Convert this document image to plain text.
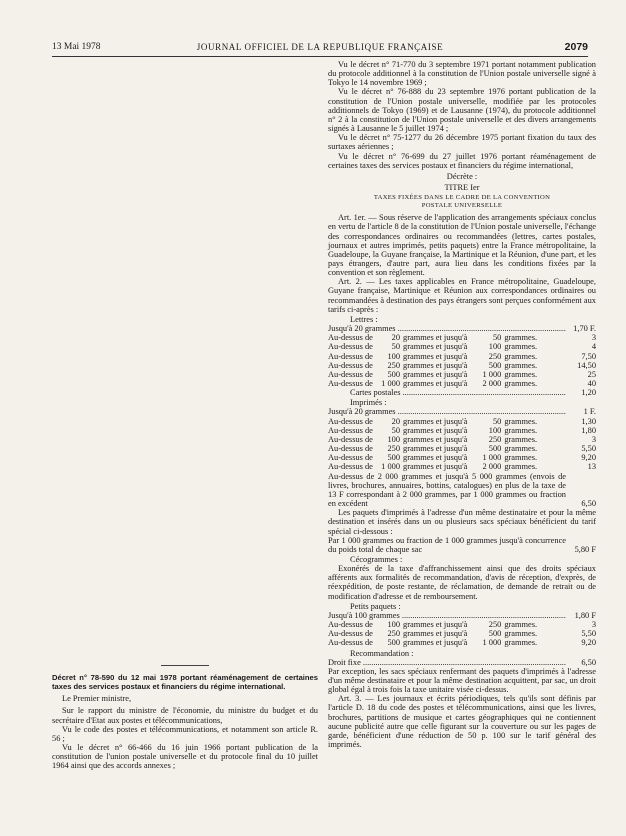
13 Mai 1978	JOURNAL OFFICIEL DE LA REPUBLIQUE FRANÇAISE	2079

Décret n° 78-590 du 12 mai 1978 portant réaménagement de certaines taxes des services postaux et financiers du régime international.

Le Premier ministre,

Sur le rapport du ministre de l'économie, du ministre du budget et du secrétaire d'Etat aux postes et télécommunications,

Vu le code des postes et télécommunications, et notamment son article R. 56 ;

Vu le décret n° 66-466 du 16 juin 1966 portant publication de la constitution de l'union postale universelle et du protocole final du 10 juillet 1964 ainsi que des accords annexes ;

Vu le décret n° 71-770 du 3 septembre 1971 portant notamment publication du protocole additionnel à la constitution de l'Union postale universelle signé à Tokyo le 14 novembre 1969 ;

Vu le décret n° 76-888 du 23 septembre 1976 portant publication de la constitution de l'Union postale universelle, modifiée par les protocoles additionnels de Tokyo (1969) et de Lausanne (1974), du protocole additionnel n° 2 à la constitution de l'Union postale universelle et des divers arrangements signés à Lausanne le 5 juillet 1974 ;

Vu le décret n° 75-1277 du 26 décembre 1975 portant fixation du taux des surtaxes aériennes ;

Vu le décret n° 76-699 du 27 juillet 1976 portant réaménagement de certaines taxes des services postaux et financiers du régime international,

Décrète :

TITRE Ier

TAXES FIXÉES DANS LE CADRE DE LA CONVENTION

POSTALE UNIVERSELLE

Art. 1er. — Sous réserve de l'application des arrangements spéciaux conclus en vertu de l'article 8 de la constitution de l'Union postale universelle, l'échange des correspondances ordinaires ou recommandées (lettres, cartes postales, journaux et autres imprimés, petits paquets) entre la France métropolitaine, la Guadeloupe, la Guyane française, la Martinique et la Réunion, d'une part, et les pays étrangers, d'autre part, aura lieu dans les conditions fixées par la convention et son règlement.

Art. 2. — Les taxes applicables en France métropolitaine, Guadeloupe, Guyane française, Martinique et Réunion aux correspondances ordinaires ou recommandées à destination des pays étrangers sont perçues conformément aux tarifs ci-après :

Lettres :

Jusqu'à 20 grammes .....	1,70 F.
Au-dessus de	20 grammes et jusqu'à	50 grammes.	3
Au-dessus de	50 grammes et jusqu'à	100 grammes.	4
Au-dessus de	100 grammes et jusqu'à	250 grammes.	7,50
Au-dessus de	250 grammes et jusqu'à	500 grammes.	14,50
Au-dessus de	500 grammes et jusqu'à	1 000 grammes.	25
Au-dessus de 1 000 grammes et jusqu'à	2 000 grammes.	40
Cartes postales .....	1,20

Imprimés :

Jusqu'à 20 grammes .....	1 F.
Au-dessus de	20 grammes et jusqu'à	50 grammes.	1,30
Au-dessus de	50 grammes et jusqu'à	100 grammes.	1,80
Au-dessus de	100 grammes et jusqu'à	250 grammes.	3
Au-dessus de	250 grammes et jusqu'à	500 grammes.	5,50
Au-dessus de	500 grammes et jusqu'à	1 000 grammes.	9,20
Au-dessus de 1 000 grammes et jusqu'à	2 000 grammes.	13
Au-dessus de 2 000 grammes et jusqu'à 5 000 grammes (envois de livres, brochures, annuaires, bottins, catalogues) en plus de la taxe de 13 F correspondant à 2 000 grammes, par 1 000 grammes ou fraction en excédent	6,50

Les paquets d'imprimés à l'adresse d'un même destinataire et pour la même destination et insérés dans un ou plusieurs sacs spéciaux bénéficient du tarif spécial ci-dessous :

Par 1 000 grammes ou fraction de 1 000 grammes jusqu'à concurrence du poids total de chaque sac	5,80 F

Cécogrammes :

Exonérés de la taxe d'affranchissement ainsi que des droits spéciaux afférents aux formalités de recommandation, d'avis de réception, d'exprès, de réexpédition, de poste restante, de réclamation, de demande de retrait ou de modification d'adresse et de remboursement.

Petits paquets :

Jusqu'à 100 grammes .....	1,80 F
Au-dessus de	100 grammes et jusqu'à	250 grammes.	3
Au-dessus de	250 grammes et jusqu'à	500 grammes.	5,50
Au-dessus de	500 grammes et jusqu'à	1 000 grammes.	9,20

Recommandation :

Droit fixe .....	6,50

Par exception, les sacs spéciaux renfermant des paquets d'imprimés à l'adresse d'un même destinataire et pour la même destination acquittent, par sac, un droit global égal à trois fois la taxe unitaire visée ci-dessus.

Art. 3. — Les journaux et écrits périodiques, tels qu'ils sont définis par l'article D. 18 du code des postes et télécommunications, ainsi que les livres, brochures, partitions de musique et cartes géographiques qui ne contiennent aucune publicité autre que celle figurant sur la couverture ou sur les pages de garde, bénéficient d'une réduction de 50 p. 100 sur le tarif général des imprimés.
